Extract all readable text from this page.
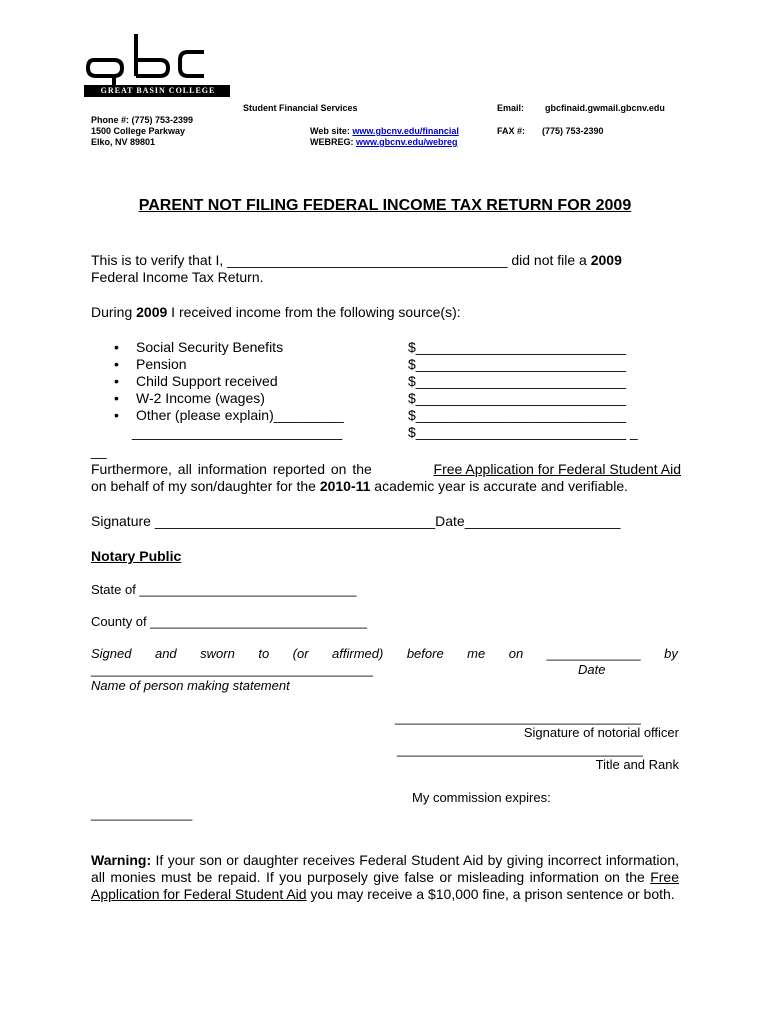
GREAT BASIN COLLEGE
Student Financial Services	Email: gbcfinaid.gwmail.gbcnv.edu
Phone #: (775) 753-2399
1500 College Parkway
Elko, NV 89801
Web site: www.gbcnv.edu/financial
WEBREG: www.gbcnv.edu/webreg
FAX #: (775) 753-2390
PARENT NOT FILING FEDERAL INCOME TAX RETURN FOR 2009
This is to verify that I, ____________________________________ did not file a 2009
Federal Income Tax Return.
During 2009 I received income from the following source(s):
• Social Security Benefits	$___________________________
• Pension	$___________________________
• Child Support received	$___________________________
• W-2 Income (wages)	$___________________________
• Other (please explain)_________	$___________________________
___________________________	$___________________________ _
__
Furthermore, all information reported on the	Free Application for Federal Student Aid
on behalf of my son/daughter for the 2010-11 academic year is accurate and verifiable.
Signature ____________________________________Date____________________
Notary Public
State of ______________________________
County of ______________________________
Signed and sworn to (or affirmed) before me on _____________ by
_______________________________________	Date
Name of person making statement
__________________________________
Signature of notorial officer
__________________________________
Title and Rank
My commission expires:
______________
Warning: If your son or daughter receives Federal Student Aid by giving incorrect information, all monies must be repaid. If you purposely give false or misleading information on the Free Application for Federal Student Aid you may receive a $10,000 fine, a prison sentence or both.
